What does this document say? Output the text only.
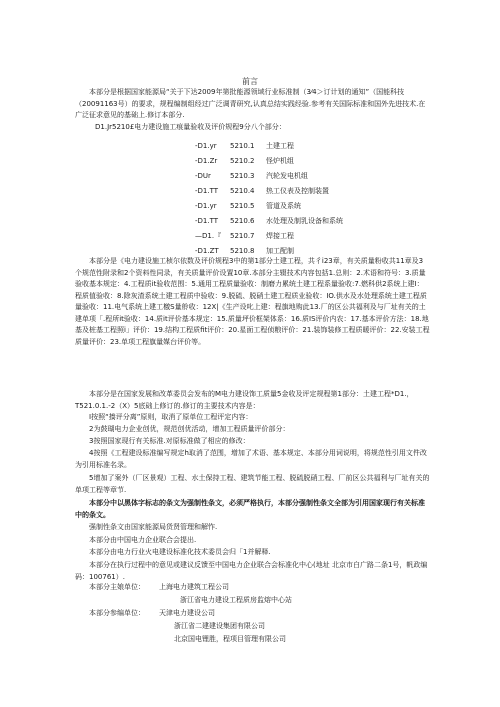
前言

本部分是根据国家能源局“关于下达2009年第批能源领域行业标准制（3⁄4＞订计划的通知”（国能科技（20091163号）的要求，规程编制组经过广泛调青研究,认真总结实践经验.参考有关国际标准和国外先进技术.在广泛征求意见的基础上.修订本部分.

D1.Jr5210£电力建设施工痕量验收及评价规程9分八个部分：

-D1.yr 5210.1 土建工程
-D1.Zr 5210.2 怪炉机组
-DUr	5210.3 汽轮发电机组
-D1.TT 5210.4 热工仪表及控制装置
-D1.yr 5210.5 管道及系统
-D1.TT 5210.6 水处理及制乳设备和系统
—D1.『 5210.7 焊接工程
-D1.ZT 5210.8 加工配制

本部分是《电力建设施工桢尔依数及评价规程3中的第1部分土建工程，共彳i23章，有关质量粉收共11章及3个规范性附录和2个资料性同录，有关质量评价设置10章.本部分主辍技术内容包括1.总则：2.术语和符号：3.质量验收基本规定：4.工程质it验收范围：5.通用工程质量验收：制磨力累统土建工程系量验收:7.燃科供2系统上建I：程质值验收：8.除灰渣系统土建工程质中验收：9.脱硫、脱硝土建工程质业验收：IO.供水及水处理系统土建工程质量验收：11.电气系统上建工檄S量舲收：12X|《生产设叱上建：程旗地购此13.厂的区公共福利及与厂址有关的土建单项「.程所it验收：14.质it评价基本规定：15.质量坪价框架体系：16.质IS评价内农：17.基本评价方法：18.地基及桩基工程照i」评价：19.结构工程质fit评价：20.星面工程侦粮评价：21.装饰装修工程质暖评价：22.安装工程质量评价：23.单项工程旗量媒台评价等。

本部分是在国家发展和改革委员会发布的M电力建设饰工质量5金收及评定规程第1部分：土建工程*D1.，T521.0.1.-2（X）5底础上修订的.修订的主要技术内容是：

I按照“揍评分离”原则，取消了原单位工程评定内容：

2为鼓瑚电力企业创优，规范创优活动，增加工程质量评价部分：

3按照国家现行有关标准.对原标准做了相应的修改：

4按照《工程建设标准编写规定h取消了范围，增加了术语、基本规定、本部分用词说明，将规范性引用文件改为引用标准名录。

5增加了案外（厂区景观）工程、水土保持工程、建筑节能工程、脱硫脱硝工程、厂前区公共福利与厂址有关的单项工程等章节.

本部分中以黑体字标志的条文为强制性条文，必须严格执行，本部分强制性条文全部为引用国家现行有关标准中的条文。

强制性条文由国家能源局货贤管理和解怍.

本部分由中国电力企业联合会提出.

本部分由电力行业火电建设标准化技术委员会归「1并解释.

本部分在执行过程中的意见或建议反馈至中国电力企业联合会标准化中心(地址 北京市白广路二条1号，帆政编码：100761）.

本部分主娘单位： 上海电力建筑工程公司
浙江省电力建设工程质房监熔中心站
本部分参编单位： 天津电力建设公司
浙江省二建建设集团有限公司
北京国电锂胜，程项目管理有限公司
